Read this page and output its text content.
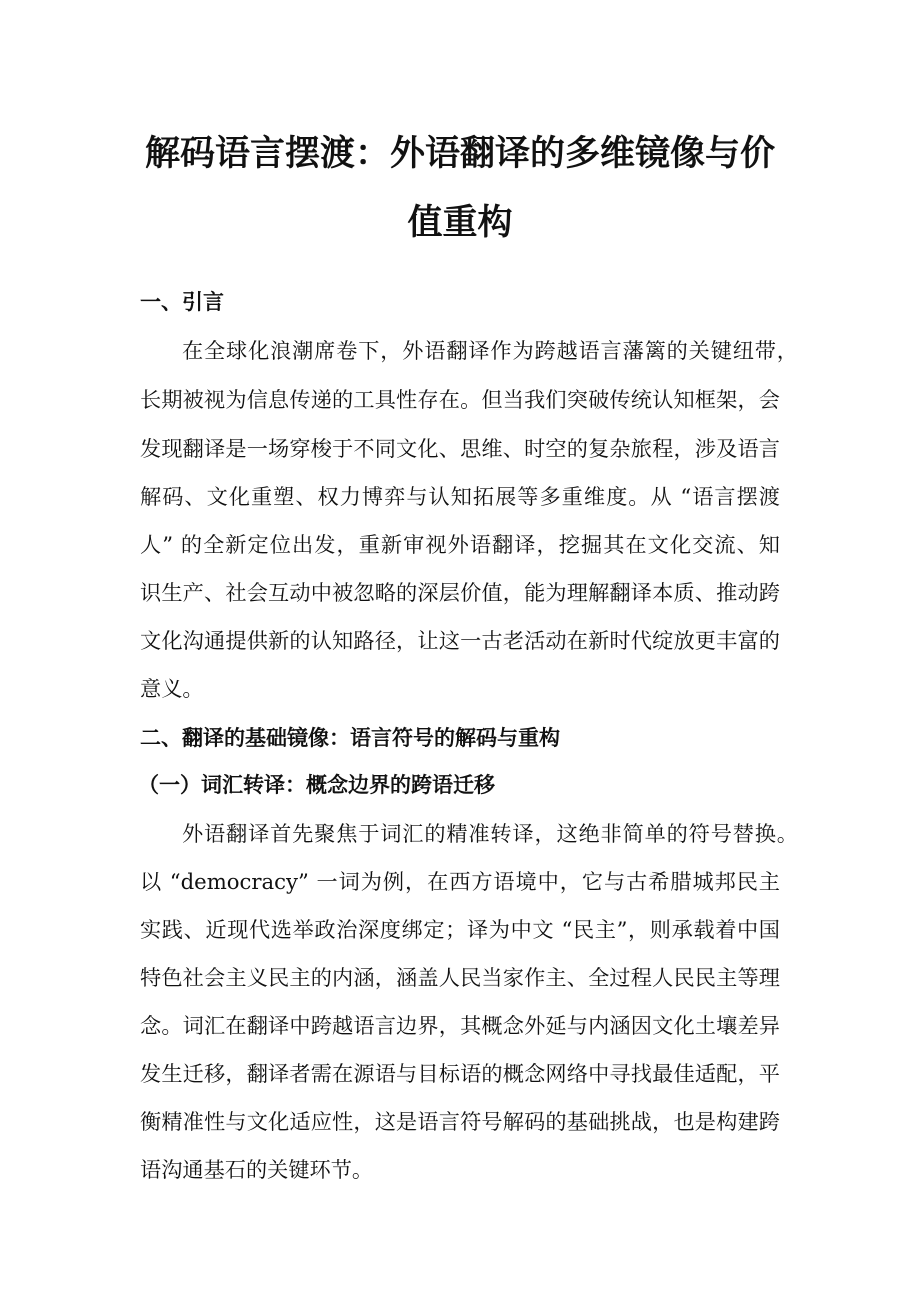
解码语言摆渡：外语翻译的多维镜像与价
值重构
一、引言
在全球化浪潮席卷下，外语翻译作为跨越语言藩篱的关键纽带，
长期被视为信息传递的工具性存在。但当我们突破传统认知框架，会
发现翻译是一场穿梭于不同文化、思维、时空的复杂旅程，涉及语言
解码、文化重塑、权力博弈与认知拓展等多重维度。从 “语言摆渡
人” 的全新定位出发，重新审视外语翻译，挖掘其在文化交流、知
识生产、社会互动中被忽略的深层价值，能为理解翻译本质、推动跨
文化沟通提供新的认知路径，让这一古老活动在新时代绽放更丰富的
意义。
二、翻译的基础镜像：语言符号的解码与重构
（一）词汇转译：概念边界的跨语迁移
外语翻译首先聚焦于词汇的精准转译，这绝非简单的符号替换。
以 “democracy” 一词为例，在西方语境中，它与古希腊城邦民主
实践、近现代选举政治深度绑定；译为中文 “民主”，则承载着中国
特色社会主义民主的内涵，涵盖人民当家作主、全过程人民民主等理
念。词汇在翻译中跨越语言边界，其概念外延与内涵因文化土壤差异
发生迁移，翻译者需在源语与目标语的概念网络中寻找最佳适配，平
衡精准性与文化适应性，这是语言符号解码的基础挑战，也是构建跨
语沟通基石的关键环节。
